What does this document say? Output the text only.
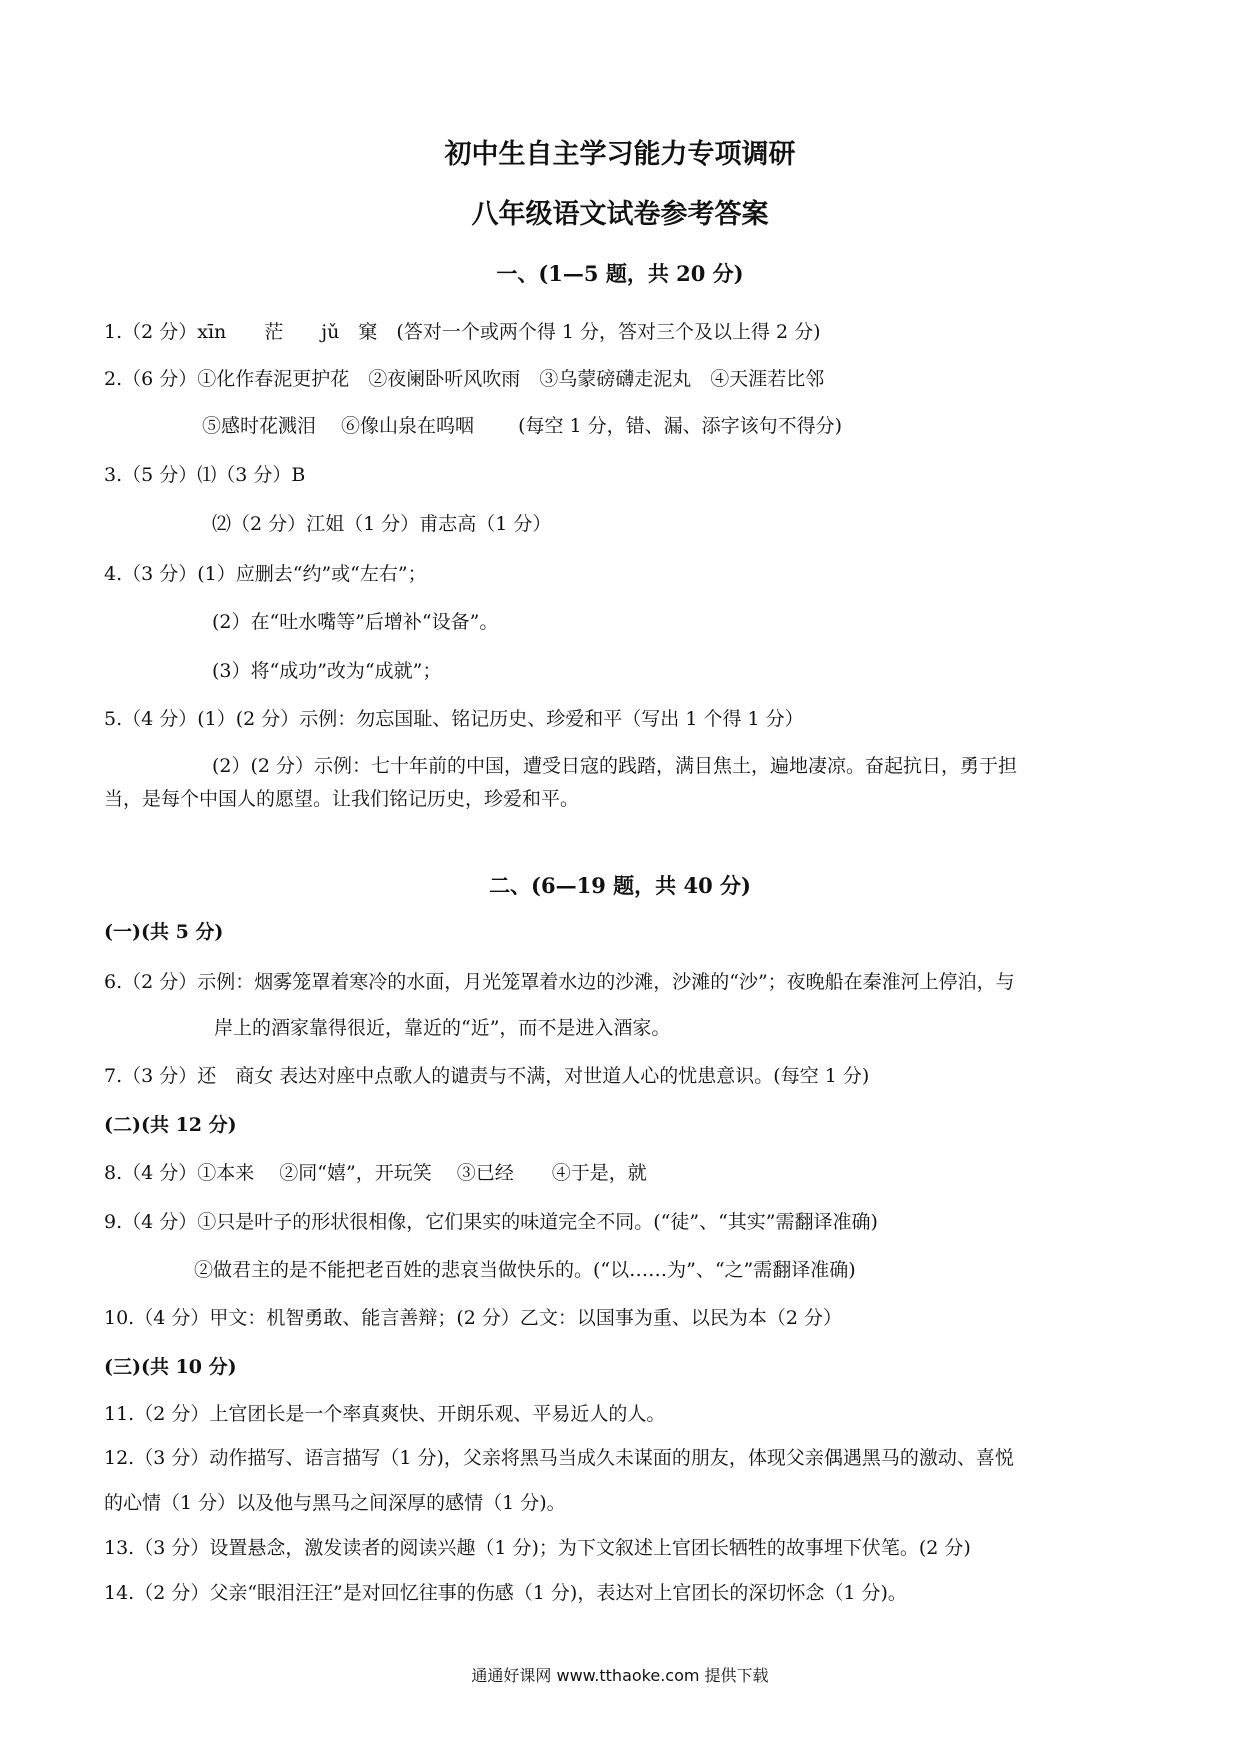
初中生自主学习能力专项调研
八年级语文试卷参考答案
一、(1—5 题，共 20 分)
1.（2 分）xīn　　茫　　jǔ　窠　(答对一个或两个得 1 分，答对三个及以上得 2 分)
2.（6 分）①化作春泥更护花　②夜阑卧听风吹雨　③乌蒙磅礴走泥丸　④天涯若比邻
⑤感时花溅泪　 ⑥像山泉在呜咽　　 (每空 1 分，错、漏、添字该句不得分)
3.（5 分）⑴（3 分）B
⑵（2 分）江姐（1 分）甫志高（1 分）
4.（3 分）(1）应删去“约”或“左右”；
(2）在“吐水嘴等”后增补“设备”。
(3）将“成功”改为“成就”；
5.（4 分）(1）(2 分）示例：勿忘国耻、铭记历史、珍爱和平（写出 1 个得 1 分）
(2）(2 分）示例：七十年前的中国，遭受日寇的践踏，满目焦土，遍地凄凉。奋起抗日，勇于担
当，是每个中国人的愿望。让我们铭记历史，珍爱和平。
二、(6—19 题，共 40 分)
(一)(共 5 分)
6.（2 分）示例：烟雾笼罩着寒冷的水面，月光笼罩着水边的沙滩，沙滩的“沙”；夜晚船在秦淮河上停泊，与
岸上的酒家靠得很近，靠近的“近”，而不是进入酒家。
7.（3 分）还　商女 表达对座中点歌人的谴责与不满，对世道人心的忧患意识。(每空 1 分)
(二)(共 12 分)
8.（4 分）①本来　 ②同“嬉”，开玩笑　 ③已经　　④于是，就
9.（4 分）①只是叶子的形状很相像，它们果实的味道完全不同。(“徒”、“其实”需翻译准确)
②做君主的是不能把老百姓的悲哀当做快乐的。(“以……为”、“之”需翻译准确)
10.（4 分）甲文：机智勇敢、能言善辩；(2 分）乙文：以国事为重、以民为本（2 分）
(三)(共 10 分)
11.（2 分）上官团长是一个率真爽快、开朗乐观、平易近人的人。
12.（3 分）动作描写、语言描写（1 分)，父亲将黑马当成久未谋面的朋友，体现父亲偶遇黑马的激动、喜悦
的心情（1 分）以及他与黑马之间深厚的感情（1 分)。
13.（3 分）设置悬念，激发读者的阅读兴趣（1 分)；为下文叙述上官团长牺牲的故事埋下伏笔。(2 分)
14.（2 分）父亲“眼泪汪汪”是对回忆往事的伤感（1 分)，表达对上官团长的深切怀念（1 分)。
通通好课网 www.tthaoke.com 提供下载
